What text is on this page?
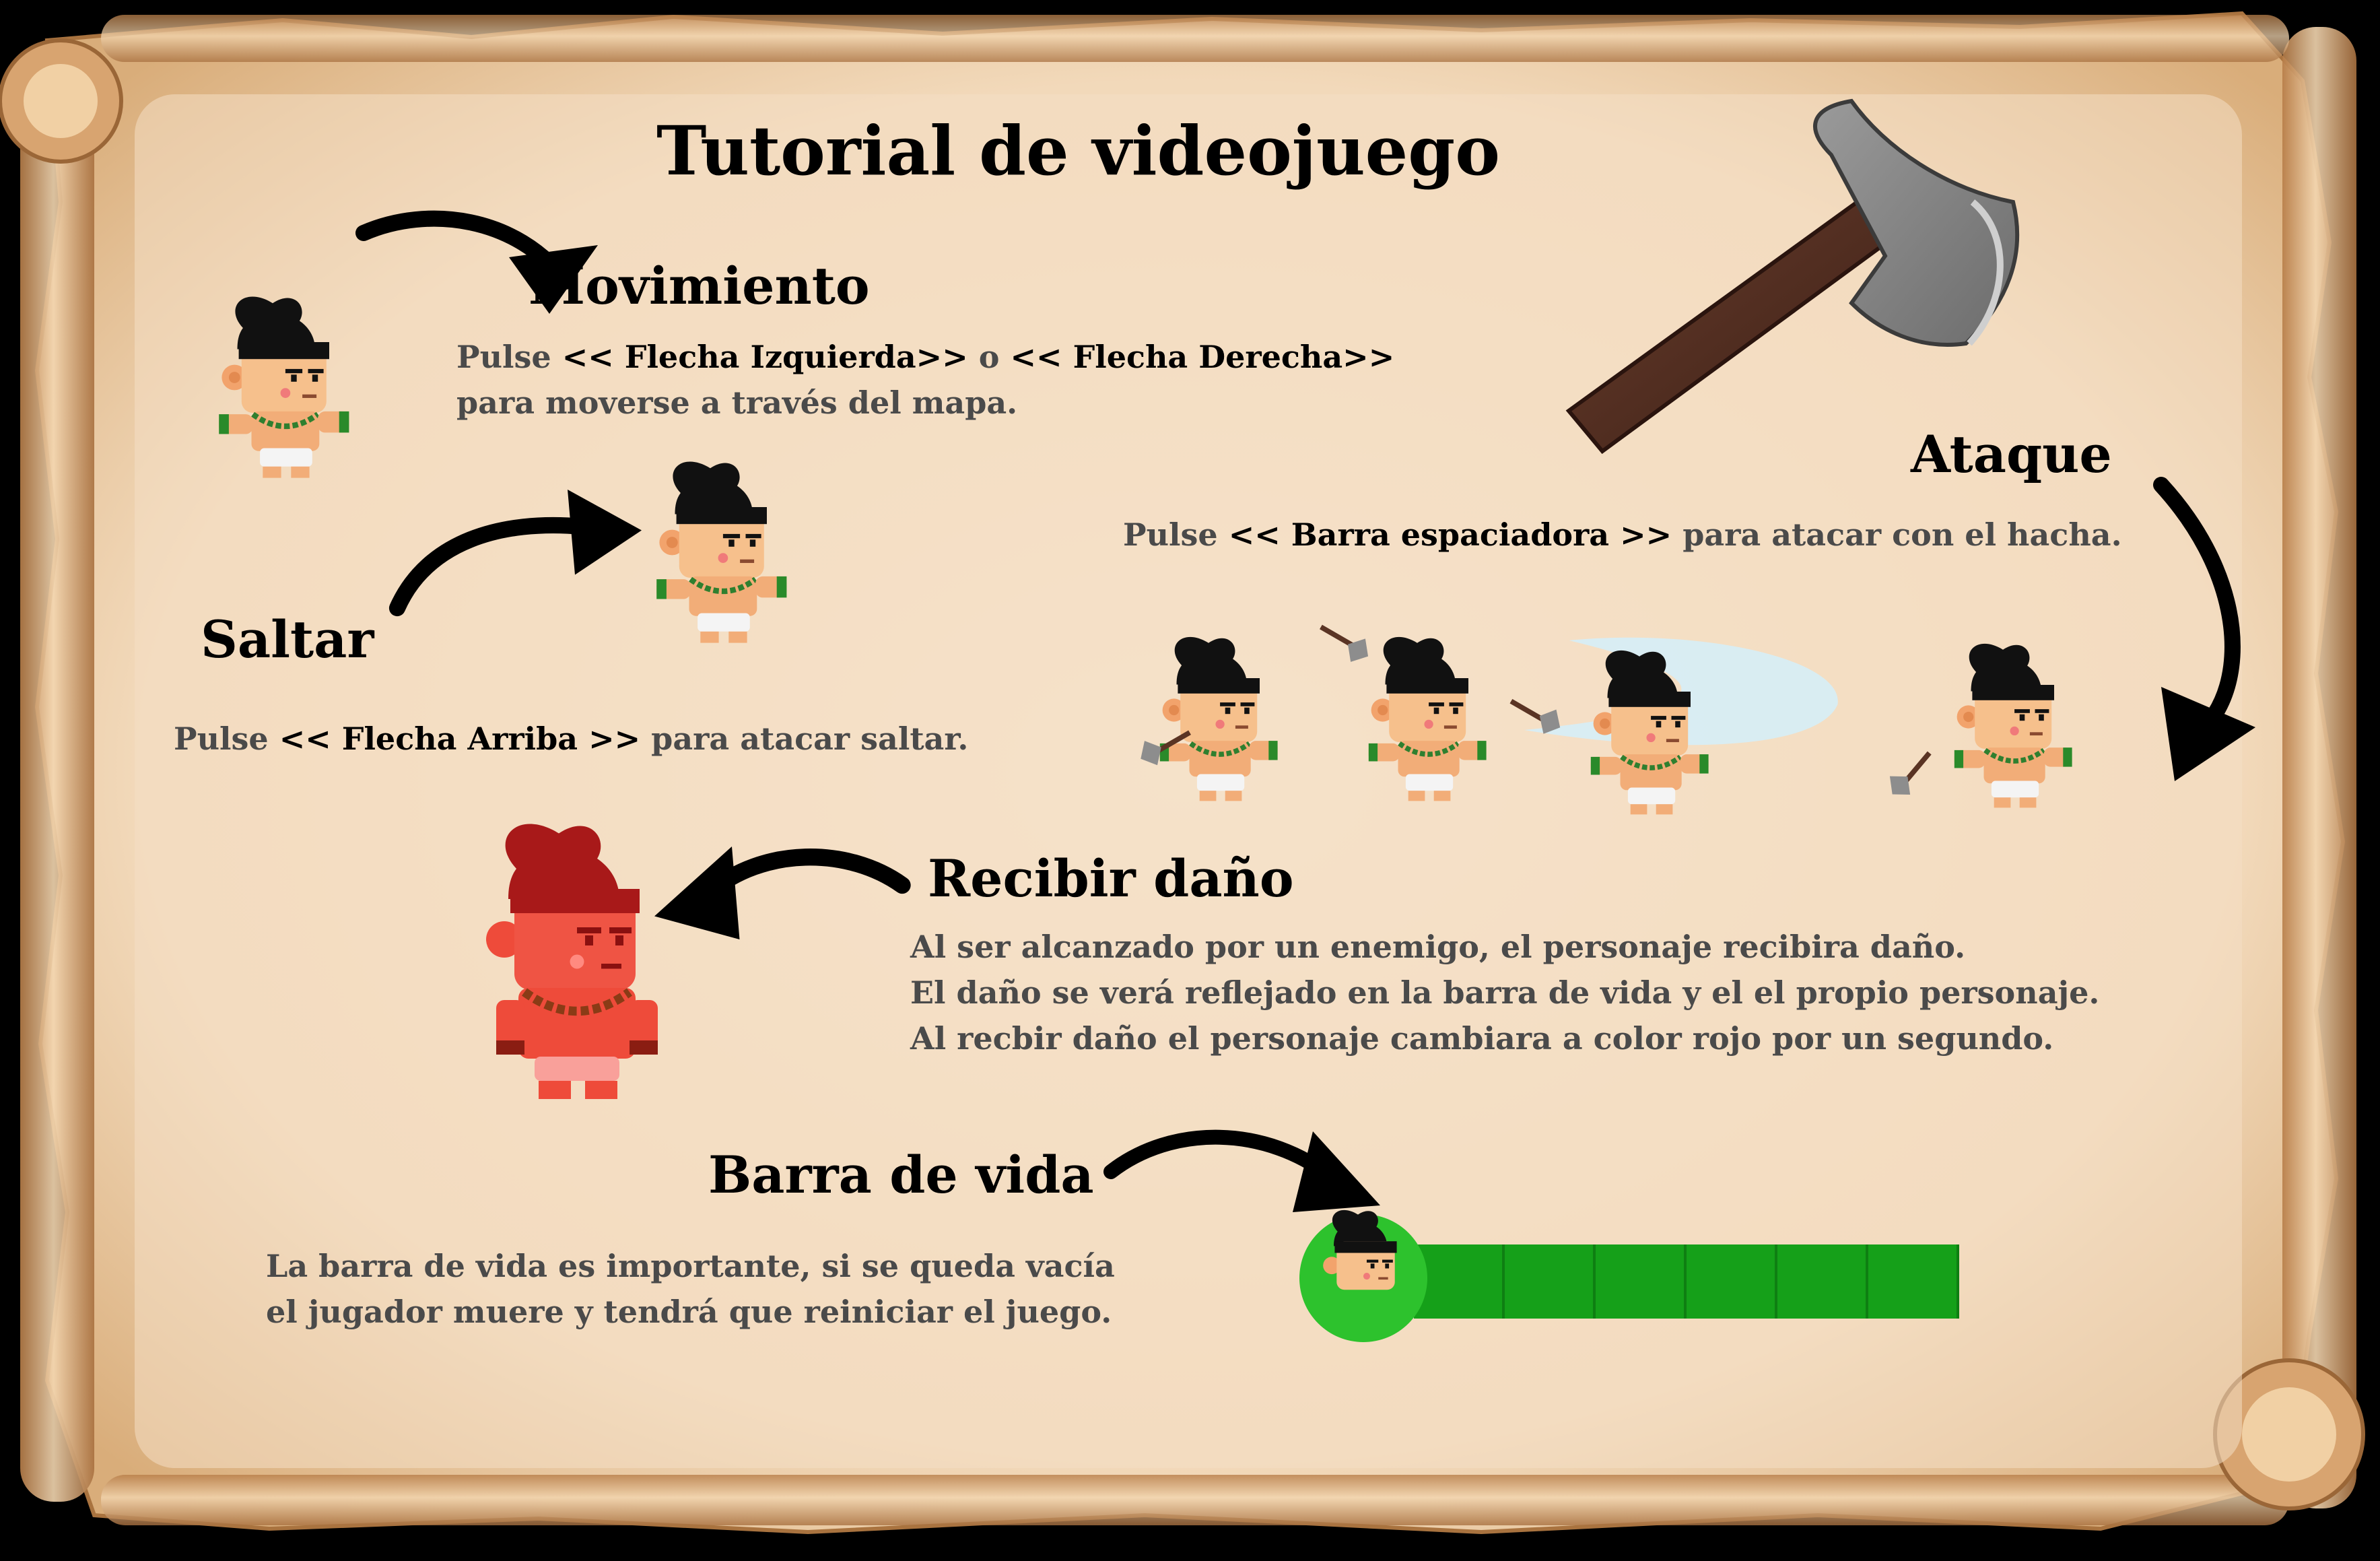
Tutorial de videojuego
Movimiento

Pulse << Flecha Izquierda>> o << Flecha Derecha>>

para moverse a través del mapa.

Saltar

Pulse << Flecha Arriba >> para atacar saltar.

Ataque

Pulse << Barra espaciadora >> para atacar con el hacha.

Recibir daño

Al ser alcanzado por un enemigo, el personaje recibira daño.

El daño se verá reflejado en la barra de vida y el el propio personaje.

Al recbir daño el personaje cambiara a color rojo por un segundo.

Barra de vida

La barra de vida es importante, si se queda vacía

el jugador muere y tendrá que reiniciar el juego.
